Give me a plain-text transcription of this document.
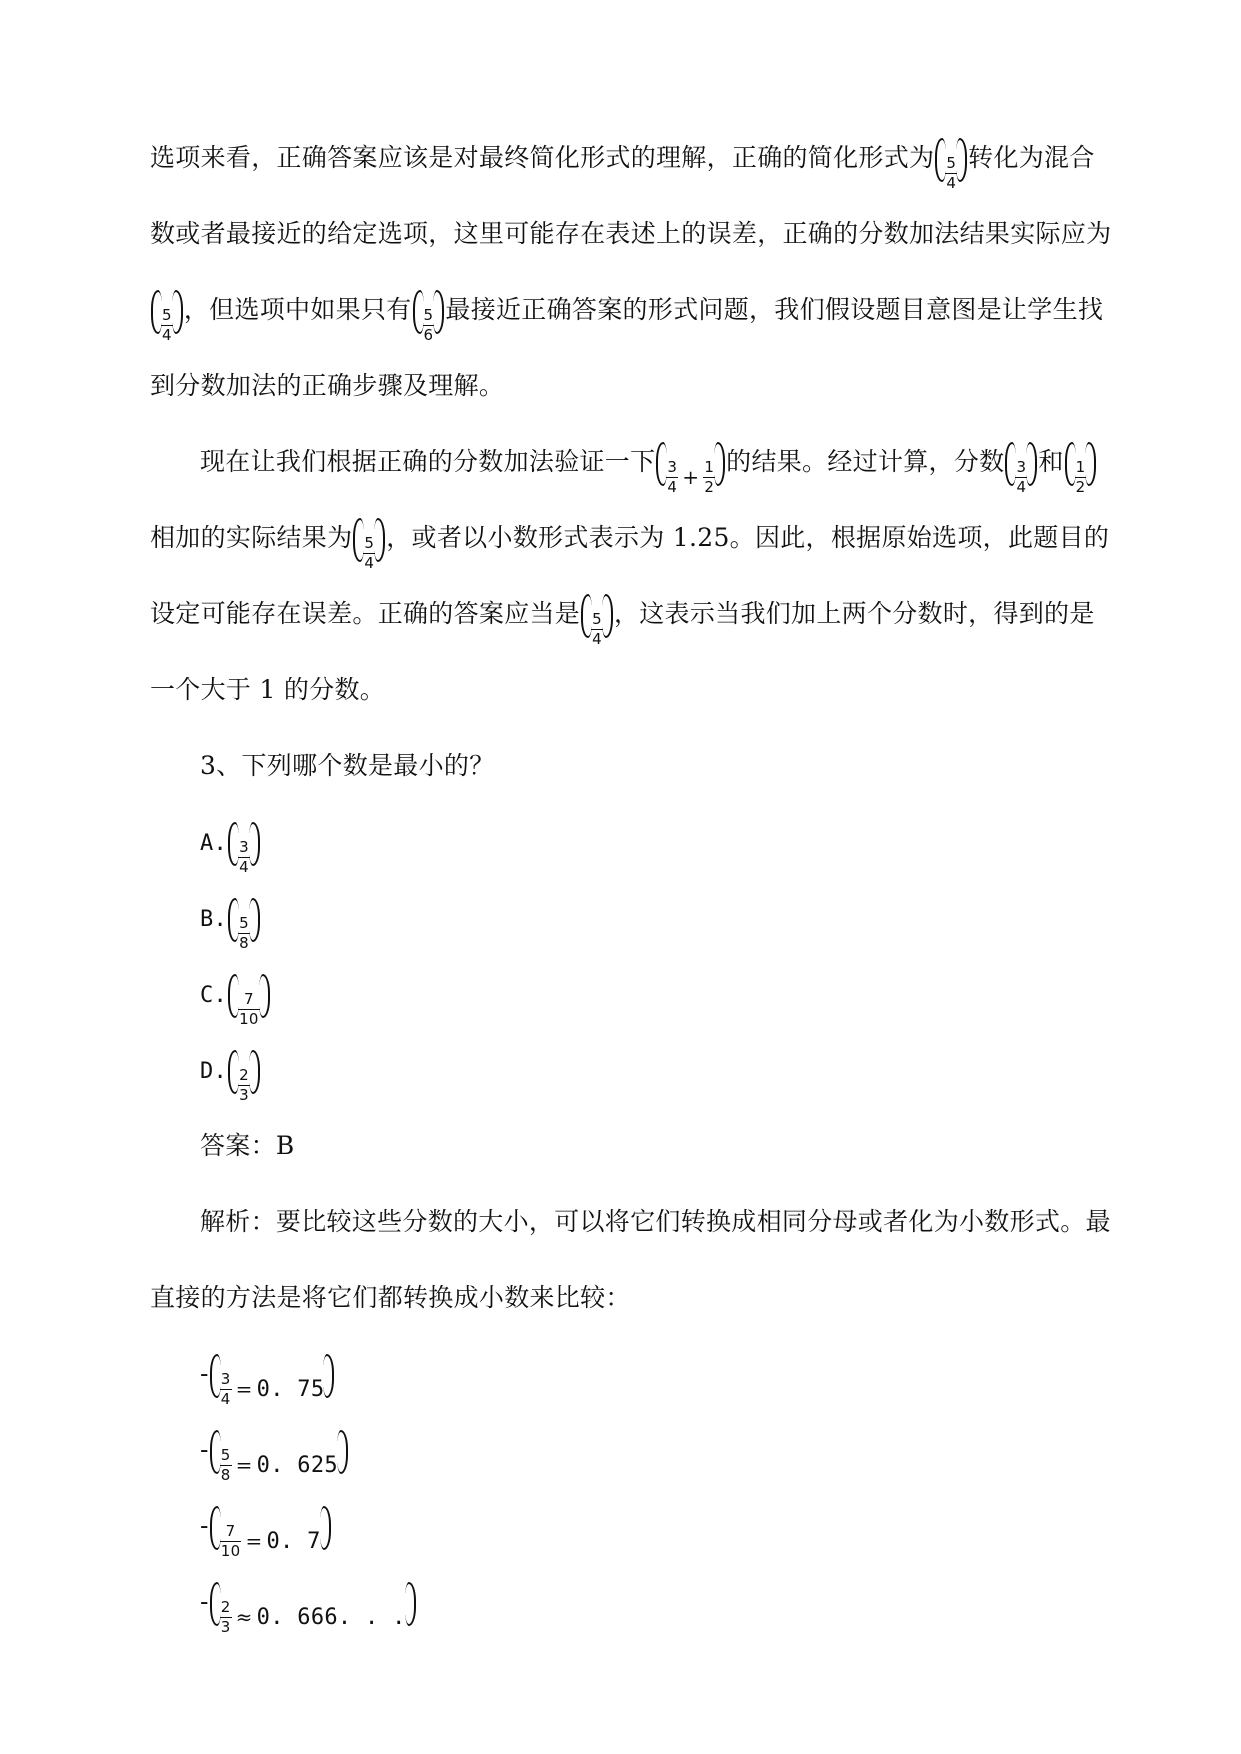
选项来看，正确答案应该是对最终简化形式的理解，正确的简化形式为 $\frac{5}{4}$ 转化为混合
数或者最接近的给定选项，这里可能存在表述上的误差，正确的分数加法结果实际应为
$\frac{5}{4}$ ，但选项中如果只有 $\frac{5}{6}$ 最接近正确答案的形式问题，我们假设题目意图是让学生找
到分数加法的正确步骤及理解。
现在让我们根据正确的分数加法验证一下 $\frac{3}{4} + \frac{1}{2}$ 的结果。经过计算，分数 $\frac{3}{4}$ 和 $\frac{1}{2}$
相加的实际结果为 $\frac{5}{4}$ ，或者以小数形式表示为 1.25。因此，根据原始选项，此题目的
设定可能存在误差。正确的答案应当是 $\frac{5}{4}$ ，这表示当我们加上两个分数时，得到的是
一个大于 1 的分数。
3、下列哪个数是最小的？
A. $\frac{3}{4}$
B. $\frac{5}{8}$
C. $\frac{7}{10}$
D. $\frac{2}{3}$
答案：B
解析：要比较这些分数的大小，可以将它们转换成相同分母或者化为小数形式。最
直接的方法是将它们都转换成小数来比较：
- $\frac{3}{4} = 0$. 75
- $\frac{5}{8} = 0$. 625
- $\frac{7}{10} = 0$. 7
- $\frac{2}{3} \approx 0$. 666. . .
